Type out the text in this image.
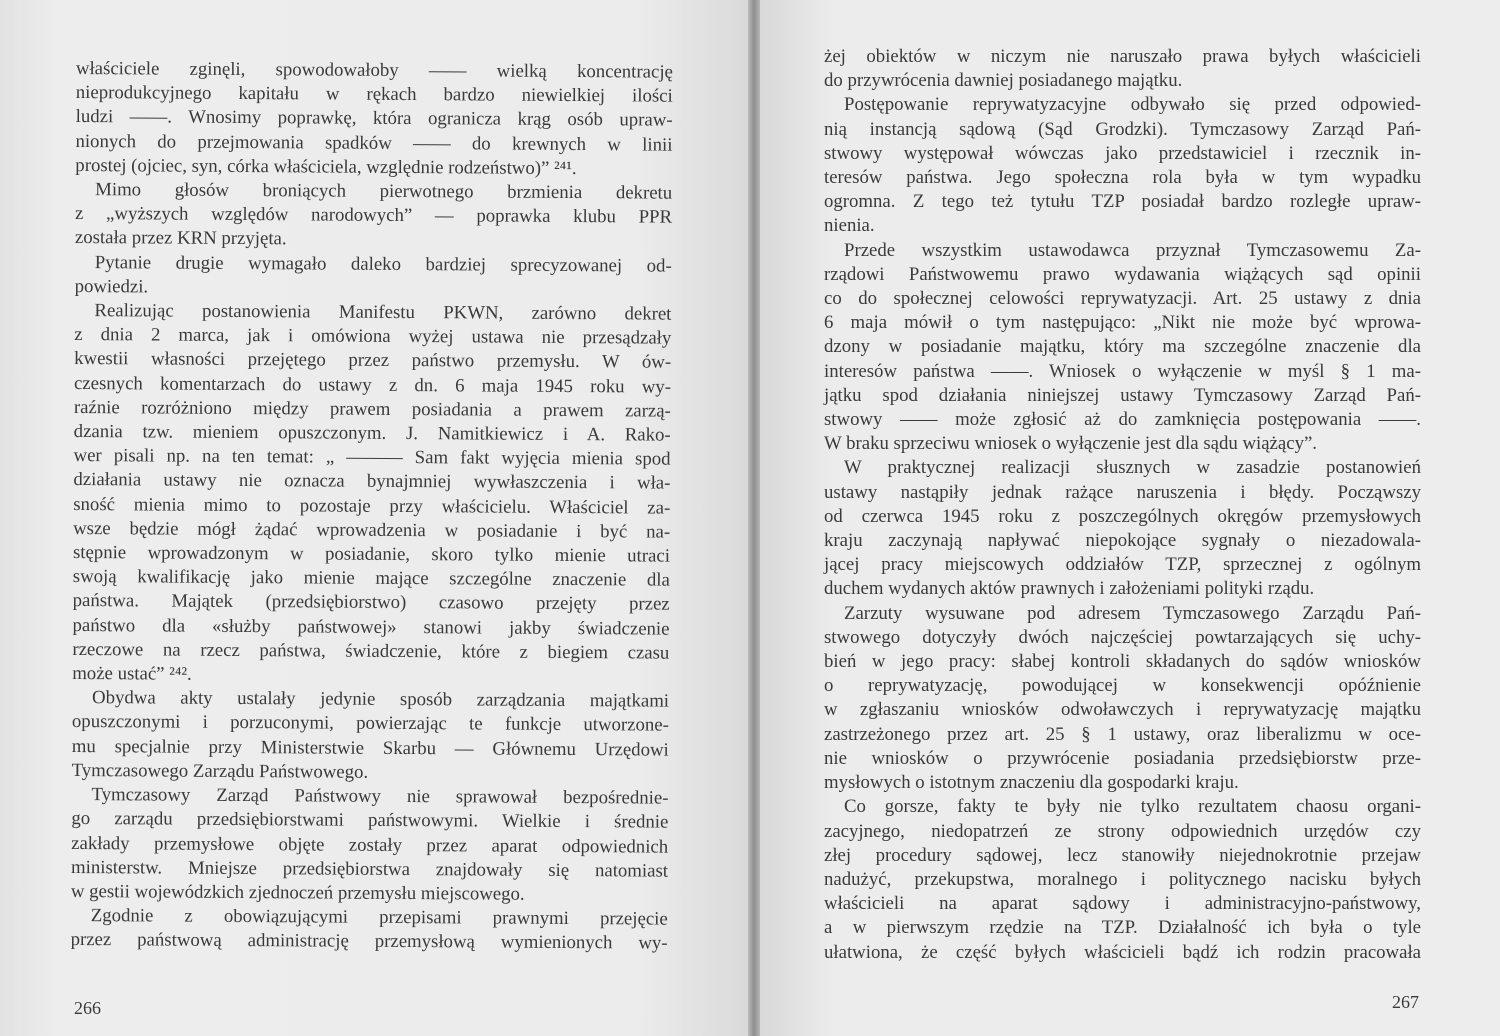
właściciele zginęli, spowodowałoby —— wielką koncentrację
nieprodukcyjnego kapitału w rękach bardzo niewielkiej ilości
ludzi ——. Wnosimy poprawkę, która ogranicza krąg osób upraw-
nionych do przejmowania spadków —— do krewnych w linii
prostej (ojciec, syn, córka właściciela, względnie rodzeństwo)” ²⁴¹.
Mimo głosów broniących pierwotnego brzmienia dekretu
z „wyższych względów narodowych” — poprawka klubu PPR
została przez KRN przyjęta.
Pytanie drugie wymagało daleko bardziej sprecyzowanej od-
powiedzi.
Realizując postanowienia Manifestu PKWN, zarówno dekret
z dnia 2 marca, jak i omówiona wyżej ustawa nie przesądzały
kwestii własności przejętego przez państwo przemysłu. W ów-
czesnych komentarzach do ustawy z dn. 6 maja 1945 roku wy-
raźnie rozróżniono między prawem posiadania a prawem zarzą-
dzania tzw. mieniem opuszczonym. J. Namitkiewicz i A. Rako-
wer pisali np. na ten temat: „ ——— Sam fakt wyjęcia mienia spod
działania ustawy nie oznacza bynajmniej wywłaszczenia i wła-
sność mienia mimo to pozostaje przy właścicielu. Właściciel za-
wsze będzie mógł żądać wprowadzenia w posiadanie i być na-
stępnie wprowadzonym w posiadanie, skoro tylko mienie utraci
swoją kwalifikację jako mienie mające szczególne znaczenie dla
państwa. Majątek (przedsiębiorstwo) czasowo przejęty przez
państwo dla «służby państwowej» stanowi jakby świadczenie
rzeczowe na rzecz państwa, świadczenie, które z biegiem czasu
może ustać” ²⁴².
Obydwa akty ustalały jedynie sposób zarządzania majątkami
opuszczonymi i porzuconymi, powierzając te funkcje utworzone-
mu specjalnie przy Ministerstwie Skarbu — Głównemu Urzędowi
Tymczasowego Zarządu Państwowego.
Tymczasowy Zarząd Państwowy nie sprawował bezpośrednie-
go zarządu przedsiębiorstwami państwowymi. Wielkie i średnie
zakłady przemysłowe objęte zostały przez aparat odpowiednich
ministerstw. Mniejsze przedsiębiorstwa znajdowały się natomiast
w gestii wojewódzkich zjednoczeń przemysłu miejscowego.
Zgodnie z obowiązującymi przepisami prawnymi przejęcie
przez państwową administrację przemysłową wymienionych wy-
266
żej obiektów w niczym nie naruszało prawa byłych właścicieli
do przywrócenia dawniej posiadanego majątku.
Postępowanie reprywatyzacyjne odbywało się przed odpowied-
nią instancją sądową (Sąd Grodzki). Tymczasowy Zarząd Pań-
stwowy występował wówczas jako przedstawiciel i rzecznik in-
teresów państwa. Jego społeczna rola była w tym wypadku
ogromna. Z tego też tytułu TZP posiadał bardzo rozległe upraw-
nienia.
Przede wszystkim ustawodawca przyznał Tymczasowemu Za-
rządowi Państwowemu prawo wydawania wiążących sąd opinii
co do społecznej celowości reprywatyzacji. Art. 25 ustawy z dnia
6 maja mówił o tym następująco: „Nikt nie może być wprowa-
dzony w posiadanie majątku, który ma szczególne znaczenie dla
interesów państwa ——. Wniosek o wyłączenie w myśl § 1 ma-
jątku spod działania niniejszej ustawy Tymczasowy Zarząd Pań-
stwowy —— może zgłosić aż do zamknięcia postępowania ——.
W braku sprzeciwu wniosek o wyłączenie jest dla sądu wiążący”.
W praktycznej realizacji słusznych w zasadzie postanowień
ustawy nastąpiły jednak rażące naruszenia i błędy. Począwszy
od czerwca 1945 roku z poszczególnych okręgów przemysłowych
kraju zaczynają napływać niepokojące sygnały o niezadowala-
jącej pracy miejscowych oddziałów TZP, sprzecznej z ogólnym
duchem wydanych aktów prawnych i założeniami polityki rządu.
Zarzuty wysuwane pod adresem Tymczasowego Zarządu Pań-
stwowego dotyczyły dwóch najczęściej powtarzających się uchy-
bień w jego pracy: słabej kontroli składanych do sądów wniosków
o reprywatyzację, powodującej w konsekwencji opóźnienie
w zgłaszaniu wniosków odwoławczych i reprywatyzację majątku
zastrzeżonego przez art. 25 § 1 ustawy, oraz liberalizmu w oce-
nie wniosków o przywrócenie posiadania przedsiębiorstw prze-
mysłowych o istotnym znaczeniu dla gospodarki kraju.
Co gorsze, fakty te były nie tylko rezultatem chaosu organi-
zacyjnego, niedopatrzeń ze strony odpowiednich urzędów czy
złej procedury sądowej, lecz stanowiły niejednokrotnie przejaw
nadużyć, przekupstwa, moralnego i politycznego nacisku byłych
właścicieli na aparat sądowy i administracyjno-państwowy,
a w pierwszym rzędzie na TZP. Działalność ich była o tyle
ułatwiona, że część byłych właścicieli bądź ich rodzin pracowała
267
